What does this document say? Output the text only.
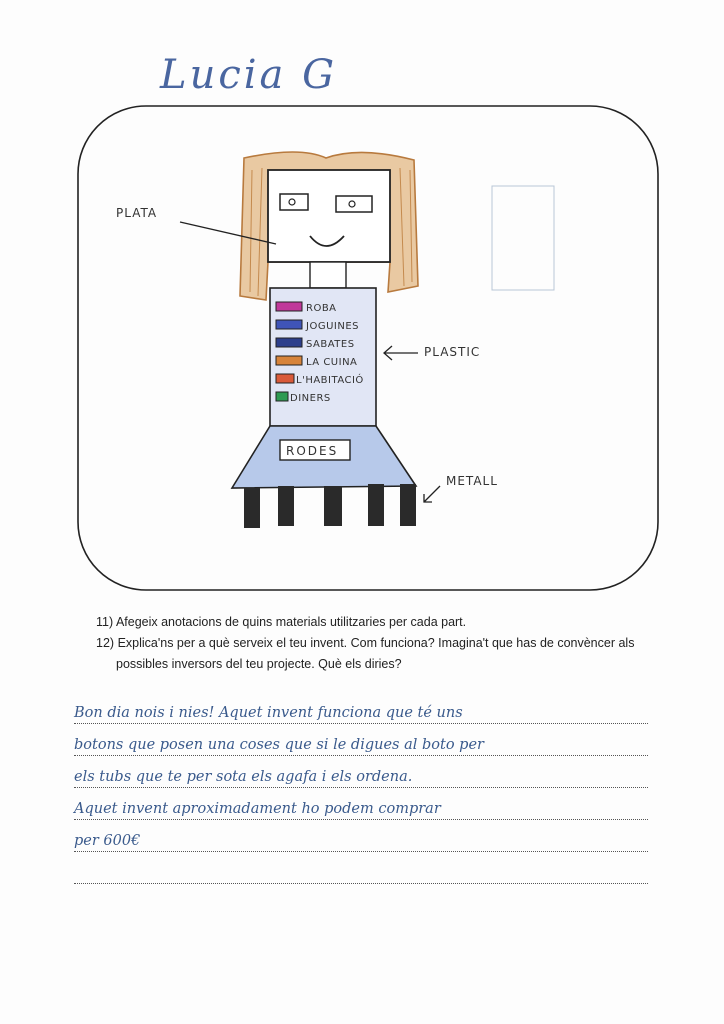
Lucia G
ROBA
JOGUINES
SABATES
LA CUINA
L'HABITACIÓ
DINERS
RODES
PLATA
PLASTIC
METALL

11) Afegeix anotacions de quins materials utilitzaries per cada part.

12) Explica'ns per a què serveix el teu invent. Com funciona? Imagina't que has de convèncer als

possibles inversors del teu projecte. Què els diries?

Bon dia nois i nies! Aquet invent funciona que té uns
botons que posen una coses que si le digues al boto per
els tubs que te per sota els agafa i els ordena.
Aquet invent aproximadament ho podem comprar
per 600€
